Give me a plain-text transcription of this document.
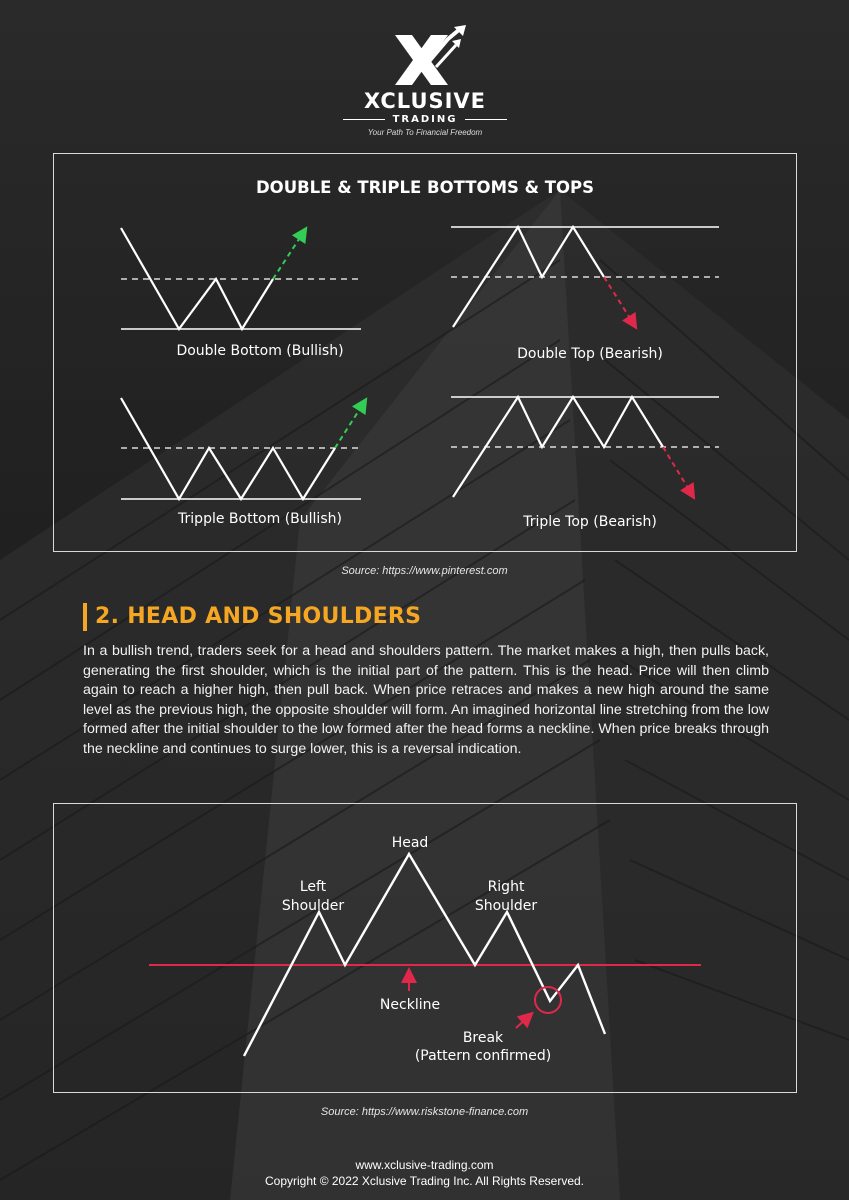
XCLUSIVE
TRADING
Your Path To Financial Freedom
DOUBLE & TRIPLE BOTTOMS & TOPS
Double Bottom (Bullish)	Double Top (Bearish)
Tripple Bottom (Bullish)	Triple Top (Bearish)
Source: https://www.pinterest.com
2. HEAD AND SHOULDERS
In a bullish trend, traders seek for a head and shoulders pattern. The market makes a high, then pulls back, generating the first shoulder, which is the initial part of the pattern. This is the head. Price will then climb again to reach a higher high, then pull back. When price retraces and makes a new high around the same level as the previous high, the opposite shoulder will form. An imagined horizontal line stretching from the low formed after the initial shoulder to the low formed after the head forms a neckline. When price breaks through the neckline and continues to surge lower, this is a reversal indication.
Head
Left
Shoulder
Right
Shoulder
Neckline
Break
(Pattern confirmed)
Source: https://www.riskstone-finance.com
www.xclusive-trading.com
Copyright © 2022 Xclusive Trading Inc. All Rights Reserved.
